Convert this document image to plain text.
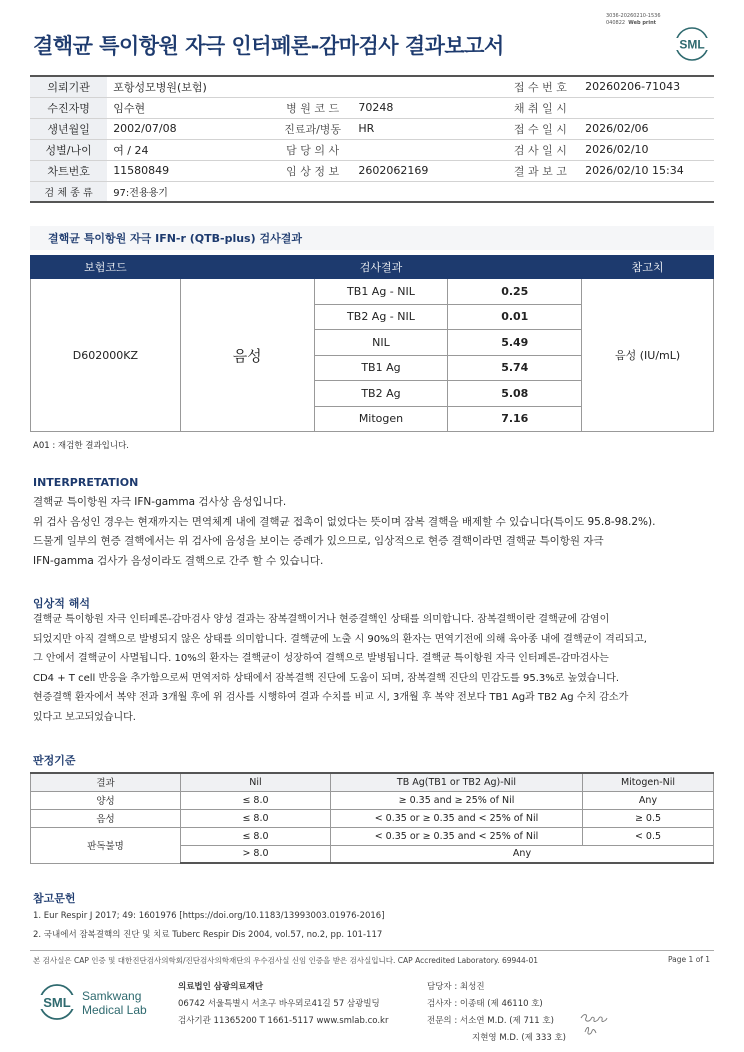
3036-20260210-1536
040822 Web print
결핵균 특이항원 자극 인터페론-감마검사 결과보고서	SML
의뢰기관	포항성모병원(보험)				접 수 번 호	20260206-71043
수진자명	임수현	병 원 코 드	70248		채 취 일 시	
생년월일	2002/07/08	진료과/병동	HR		접 수 일 시	2026/02/06
성별/나이	여 / 24	담 당 의 사			검 사 일 시	2026/02/10
차트번호	11580849	임 상 정 보	2602062169		결 과 보 고	2026/02/10 15:34
검 체 종 류	97:전용용기					
결핵균 특이항원 자극 IFN-r (QTB-plus) 검사결과
보험코드	검사결과			참고치
D602000KZ	음성	TB1 Ag - NIL	0.25	음성 (IU/mL)
		TB2 Ag - NIL	0.01	
		NIL	5.49	
		TB1 Ag	5.74	
		TB2 Ag	5.08	
		Mitogen	7.16	
A01 : 재검한 결과입니다.
INTERPRETATION
결핵균 특이항원 자극 IFN-gamma 검사상 음성입니다.
위 검사 음성인 경우는 현재까지는 면역체계 내에 결핵균 접촉이 없었다는 뜻이며 잠복 결핵을 배제할 수 있습니다(특이도 95.8-98.2%).
드물게 일부의 현증 결핵에서는 위 검사에 음성을 보이는 증례가 있으므로, 임상적으로 현증 결핵이라면 결핵균 특이항원 자극
IFN-gamma 검사가 음성이라도 결핵으로 간주 할 수 있습니다.
임상적 해석
결핵균 특이항원 자극 인터페론-감마검사 양성 결과는 잠복결핵이거나 현증결핵인 상태를 의미합니다. 잠복결핵이란 결핵균에 감염이
되었지만 아직 결핵으로 발병되지 않은 상태를 의미합니다. 결핵균에 노출 시 90%의 환자는 면역기전에 의해 육아종 내에 결핵균이 격리되고,
그 안에서 결핵균이 사멸됩니다. 10%의 환자는 결핵균이 성장하여 결핵으로 발병됩니다. 결핵균 특이항원 자극 인터페론-감마검사는
CD4 + T cell 반응을 추가함으로써 면역저하 상태에서 잠복결핵 진단에 도움이 되며, 잠복결핵 진단의 민감도를 95.3%로 높였습니다.
현증결핵 환자에서 복약 전과 3개월 후에 위 검사를 시행하여 결과 수치를 비교 시, 3개월 후 복약 전보다 TB1 Ag과 TB2 Ag 수치 감소가
있다고 보고되었습니다.
판정기준
결과	Nil	TB Ag(TB1 or TB2 Ag)-Nil	Mitogen-Nil
양성	≤ 8.0	≥ 0.35 and ≥ 25% of Nil	Any
음성	≤ 8.0	< 0.35 or ≥ 0.35 and < 25% of Nil	≥ 0.5
판독불명	≤ 8.0	< 0.35 or ≥ 0.35 and < 25% of Nil	< 0.5
	> 8.0	Any	
참고문헌
1. Eur Respir J 2017; 49: 1601976 [https://doi.org/10.1183/13993003.01976-2016]
2. 국내에서 잠복결핵의 진단 및 치료 Tuberc Respir Dis 2004, vol.57, no.2, pp. 101-117
본 검사실은 CAP 인증 및 대한진단검사의학회/진단검사의학재단의 우수검사실 신임 인증을 받은 검사실입니다. CAP Accredited Laboratory. 69944-01	Page 1 of 1
SML Samkwang
Medical Lab
의료법인 삼광의료재단
06742 서울특별시 서초구 바우뫼로41길 57 삼광빌딩
검사기관 11365200 T 1661-5117 www.smlab.co.kr
담당자 : 최성진
검사자 : 이종태 (제 46110 호)
전문의 : 서소연 M.D. (제 711 호)
지현영 M.D. (제 333 호)
